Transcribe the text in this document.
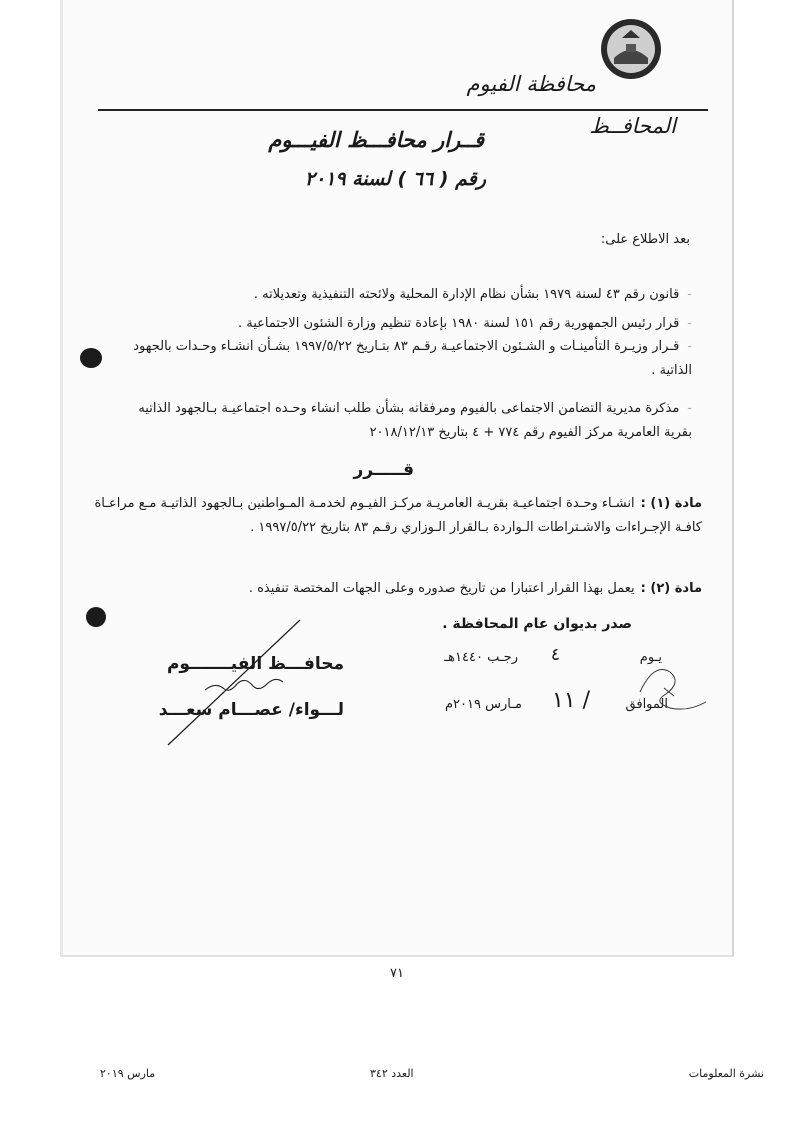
محافظة الفيوم
المحافــظ
قــرار محافـــظ الفيـــوم
رقم ( ٦٦ ) لسنة ٢٠١٩
بعد الاطلاع على:
-قانون رقم ٤٣ لسنة ١٩٧٩ بشأن نظام الإدارة المحلية ولائحته التنفيذية وتعديلاته .
-قرار رئيس الجمهورية رقم ١٥١ لسنة ١٩٨٠ بإعادة تنظيم وزارة الشئون الاجتماعية .
-قـرار وزيـرة التأمينـات و الشـئون الاجتماعيـة رقـم ٨٣ بتـاريخ ١٩٩٧/٥/٢٢ بشـأن انشـاء وحـدات بالجهود الذاتية .
-مذكرة مديرية التضامن الاجتماعى بالفيوم ومرفقاته بشأن طلب انشاء وحـده اجتماعيـة بـالجهود الذاتيه بقرية العامرية مركز الفيوم رقم ٧٧٤ + ٤ بتاريخ ٢٠١٨/١٢/١٣
قـــــرر
مادة (١) :انشـاء وحـدة اجتماعيـة بقريـة العامريـة مركـز الفيـوم لخدمـة المـواطنين بـالجهود الذاتيـة مـع مراعـاة كافـة الإجـراءات والاشـتراطات الـواردة بـالقرار الـوزاري رقـم ٨٣ بتاريخ ١٩٩٧/٥/٢٢ .
مادة (٢) :يعمل بهذا القرار اعتبارا من تاريخ صدوره وعلى الجهات المختصة تنفيذه .
صدر بديوان عام المحافظة .
يـوم
٤
رجـب ١٤٤٠هـ
الموافق
١١ /
مـارس ٢٠١٩م
محافـــظ الفيـــــــوم
لـــواء/ عصـــام سعـــد
٧١
نشرة المعلومات
العدد ٣٤٢
مارس ٢٠١٩
